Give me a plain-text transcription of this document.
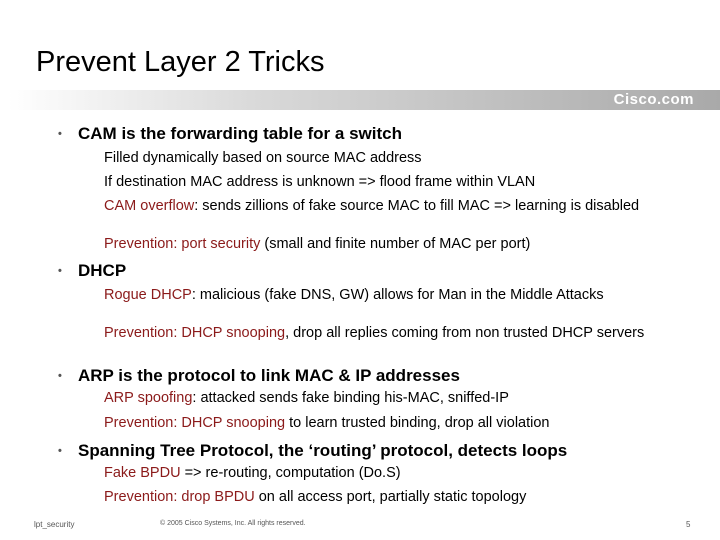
Prevent Layer 2 Tricks
Cisco.com
• CAM is the forwarding table for a switch
Filled dynamically based on source MAC address
If destination MAC address is unknown => flood frame within VLAN
CAM overflow: sends zillions of fake source MAC to fill MAC => learning is disabled
Prevention: port security (small and finite number of MAC per port)
• DHCP
Rogue DHCP: malicious (fake DNS, GW) allows for Man in the Middle Attacks
Prevention: DHCP snooping, drop all replies coming from non trusted DHCP servers
• ARP is the protocol to link MAC & IP addresses
ARP spoofing: attacked sends fake binding his-MAC, sniffed-IP
Prevention: DHCP snooping to learn trusted binding, drop all violation
• Spanning Tree Protocol, the ‘routing’ protocol, detects loops
Fake BPDU => re-routing, computation (Do.S)
Prevention: drop BPDU on all access port, partially static topology
lpt_security	© 2005 Cisco Systems, Inc. All rights reserved.	5
